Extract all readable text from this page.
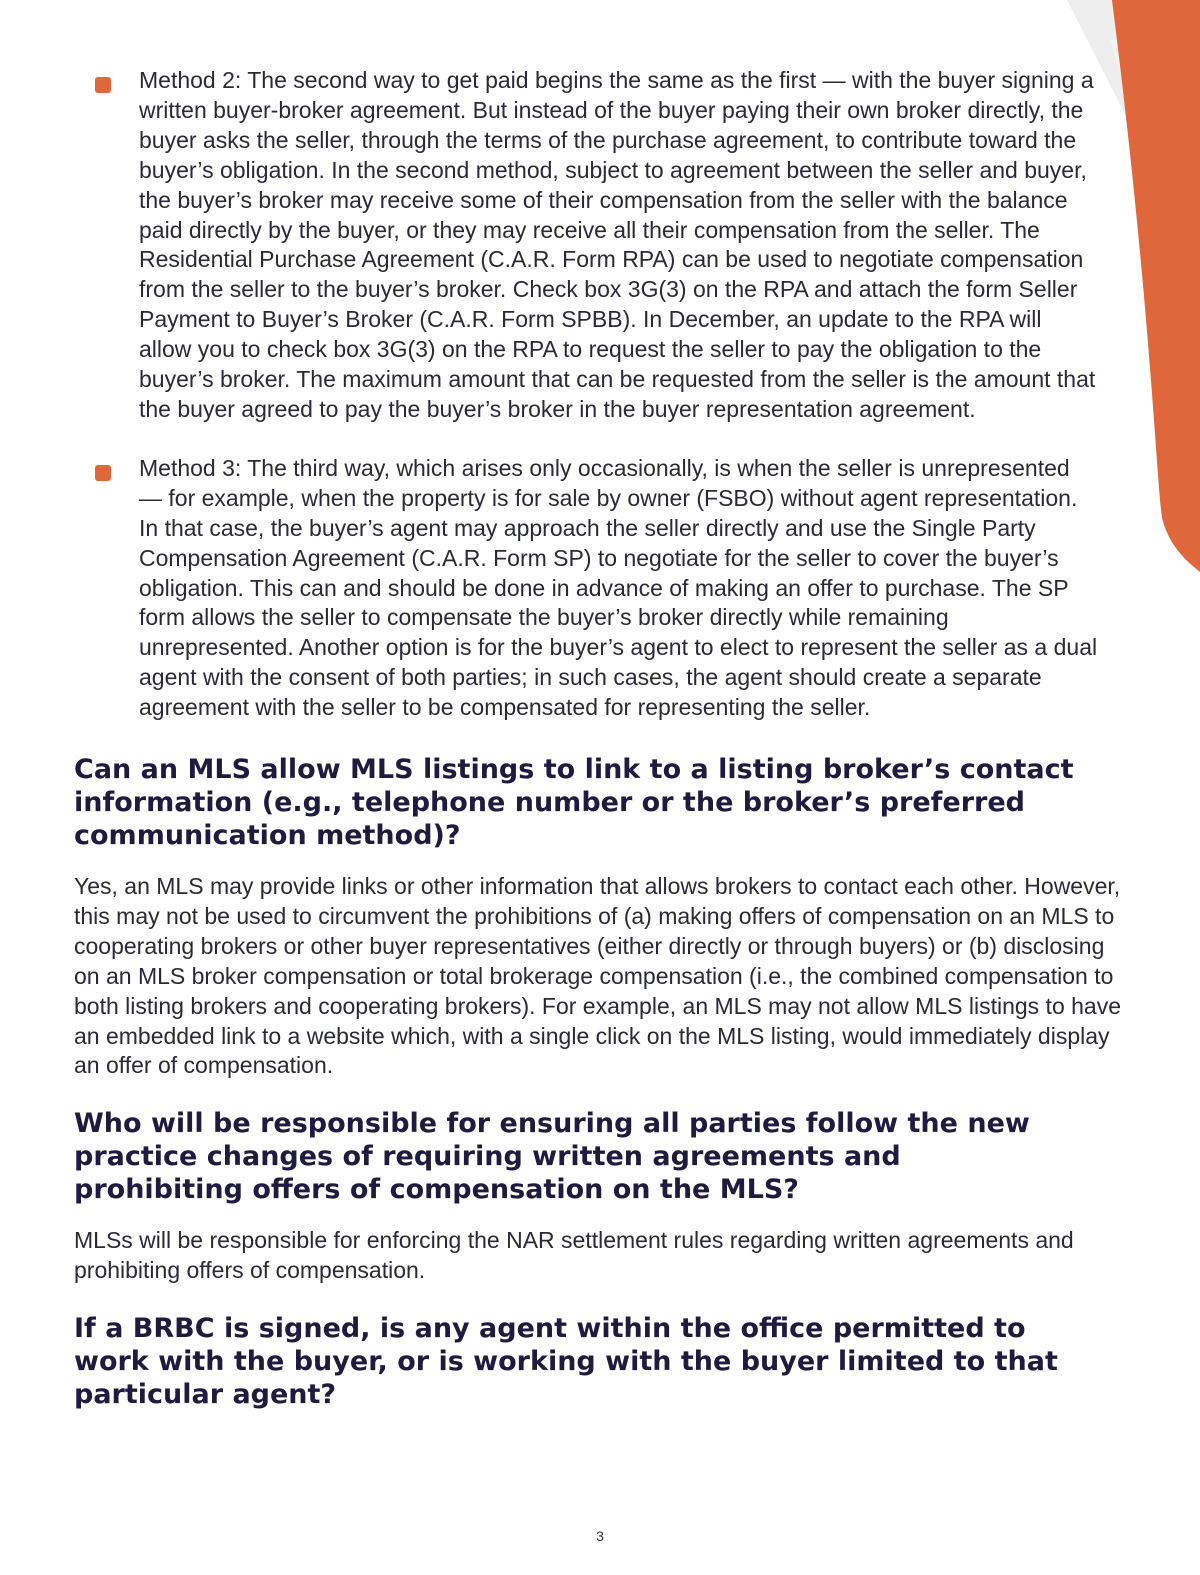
Method 2: The second way to get paid begins the same as the first — with the buyer signing a written buyer-broker agreement. But instead of the buyer paying their own broker directly, the buyer asks the seller, through the terms of the purchase agreement, to contribute toward the buyer’s obligation. In the second method, subject to agreement between the seller and buyer, the buyer’s broker may receive some of their compensation from the seller with the balance paid directly by the buyer, or they may receive all their compensation from the seller. The Residential Purchase Agreement (C.A.R. Form RPA) can be used to negotiate compensation from the seller to the buyer’s broker. Check box 3G(3) on the RPA and attach the form Seller Payment to Buyer’s Broker (C.A.R. Form SPBB). In December, an update to the RPA will allow you to check box 3G(3) on the RPA to request the seller to pay the obligation to the buyer’s broker. The maximum amount that can be requested from the seller is the amount that the buyer agreed to pay the buyer’s broker in the buyer representation agreement.
Method 3: The third way, which arises only occasionally, is when the seller is unrepresented — for example, when the property is for sale by owner (FSBO) without agent representation. In that case, the buyer’s agent may approach the seller directly and use the Single Party Compensation Agreement (C.A.R. Form SP) to negotiate for the seller to cover the buyer’s obligation. This can and should be done in advance of making an offer to purchase. The SP form allows the seller to compensate the buyer’s broker directly while remaining unrepresented. Another option is for the buyer’s agent to elect to represent the seller as a dual agent with the consent of both parties; in such cases, the agent should create a separate agreement with the seller to be compensated for representing the seller.
Can an MLS allow MLS listings to link to a listing broker’s contact information (e.g., telephone number or the broker’s preferred communication method)?

Yes, an MLS may provide links or other information that allows brokers to contact each other. However, this may not be used to circumvent the prohibitions of (a) making offers of compensation on an MLS to cooperating brokers or other buyer representatives (either directly or through buyers) or (b) disclosing on an MLS broker compensation or total brokerage compensation (i.e., the combined compensation to both listing brokers and cooperating brokers). For example, an MLS may not allow MLS listings to have an embedded link to a website which, with a single click on the MLS listing, would immediately display an offer of compensation.

Who will be responsible for ensuring all parties follow the new practice changes of requiring written agreements and prohibiting offers of compensation on the MLS?

MLSs will be responsible for enforcing the NAR settlement rules regarding written agreements and prohibiting offers of compensation.

If a BRBC is signed, is any agent within the office permitted to work with the buyer, or is working with the buyer limited to that particular agent?
3
